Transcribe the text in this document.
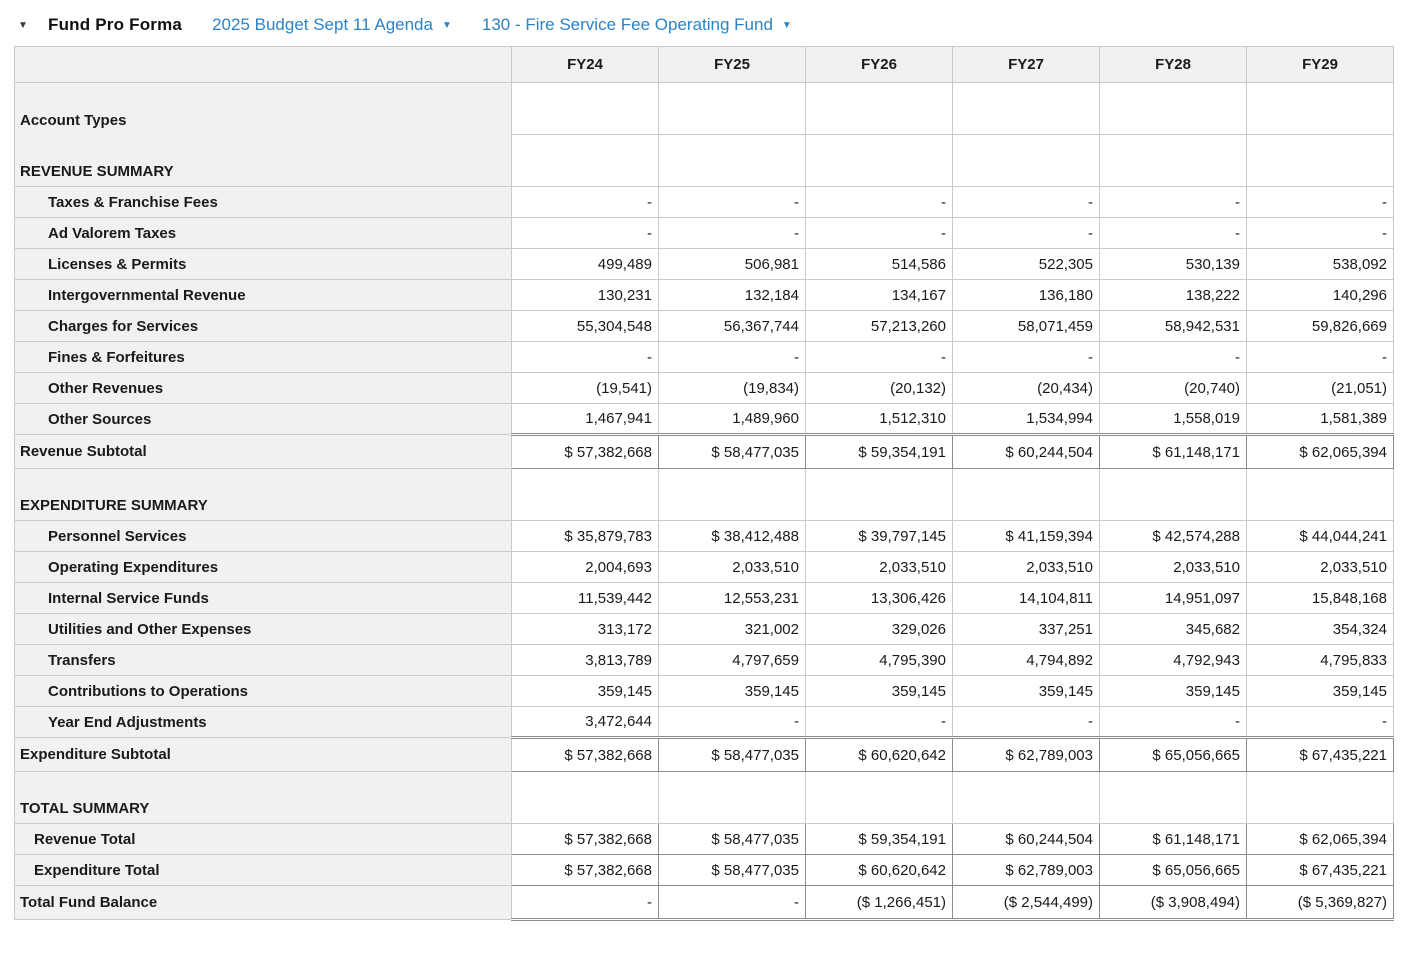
▼	Fund Pro Forma 2025 Budget Sept 11 Agenda ▼ 130 - Fire Service Fee Operating Fund ▼
	FY24	FY25	FY26	FY27	FY28	FY29
Account Types						
REVENUE SUMMARY						
Taxes & Franchise Fees	-	-	-	-	-	-
Ad Valorem Taxes	-	-	-	-	-	-
Licenses & Permits	499,489	506,981	514,586	522,305	530,139	538,092
Intergovernmental Revenue	130,231	132,184	134,167	136,180	138,222	140,296
Charges for Services	55,304,548	56,367,744	57,213,260	58,071,459	58,942,531	59,826,669
Fines & Forfeitures	-	-	-	-	-	-
Other Revenues	(19,541)	(19,834)	(20,132)	(20,434)	(20,740)	(21,051)
Other Sources	1,467,941	1,489,960	1,512,310	1,534,994	1,558,019	1,581,389
Revenue Subtotal	$ 57,382,668	$ 58,477,035	$ 59,354,191	$ 60,244,504	$ 61,148,171	$ 62,065,394
EXPENDITURE SUMMARY						
Personnel Services	$ 35,879,783	$ 38,412,488	$ 39,797,145	$ 41,159,394	$ 42,574,288	$ 44,044,241
Operating Expenditures	2,004,693	2,033,510	2,033,510	2,033,510	2,033,510	2,033,510
Internal Service Funds	11,539,442	12,553,231	13,306,426	14,104,811	14,951,097	15,848,168
Utilities and Other Expenses	313,172	321,002	329,026	337,251	345,682	354,324
Transfers	3,813,789	4,797,659	4,795,390	4,794,892	4,792,943	4,795,833
Contributions to Operations	359,145	359,145	359,145	359,145	359,145	359,145
Year End Adjustments	3,472,644	-	-	-	-	-
Expenditure Subtotal	$ 57,382,668	$ 58,477,035	$ 60,620,642	$ 62,789,003	$ 65,056,665	$ 67,435,221
TOTAL SUMMARY						
Revenue Total	$ 57,382,668	$ 58,477,035	$ 59,354,191	$ 60,244,504	$ 61,148,171	$ 62,065,394
Expenditure Total	$ 57,382,668	$ 58,477,035	$ 60,620,642	$ 62,789,003	$ 65,056,665	$ 67,435,221
Total Fund Balance	-	-	($ 1,266,451)	($ 2,544,499)	($ 3,908,494)	($ 5,369,827)
